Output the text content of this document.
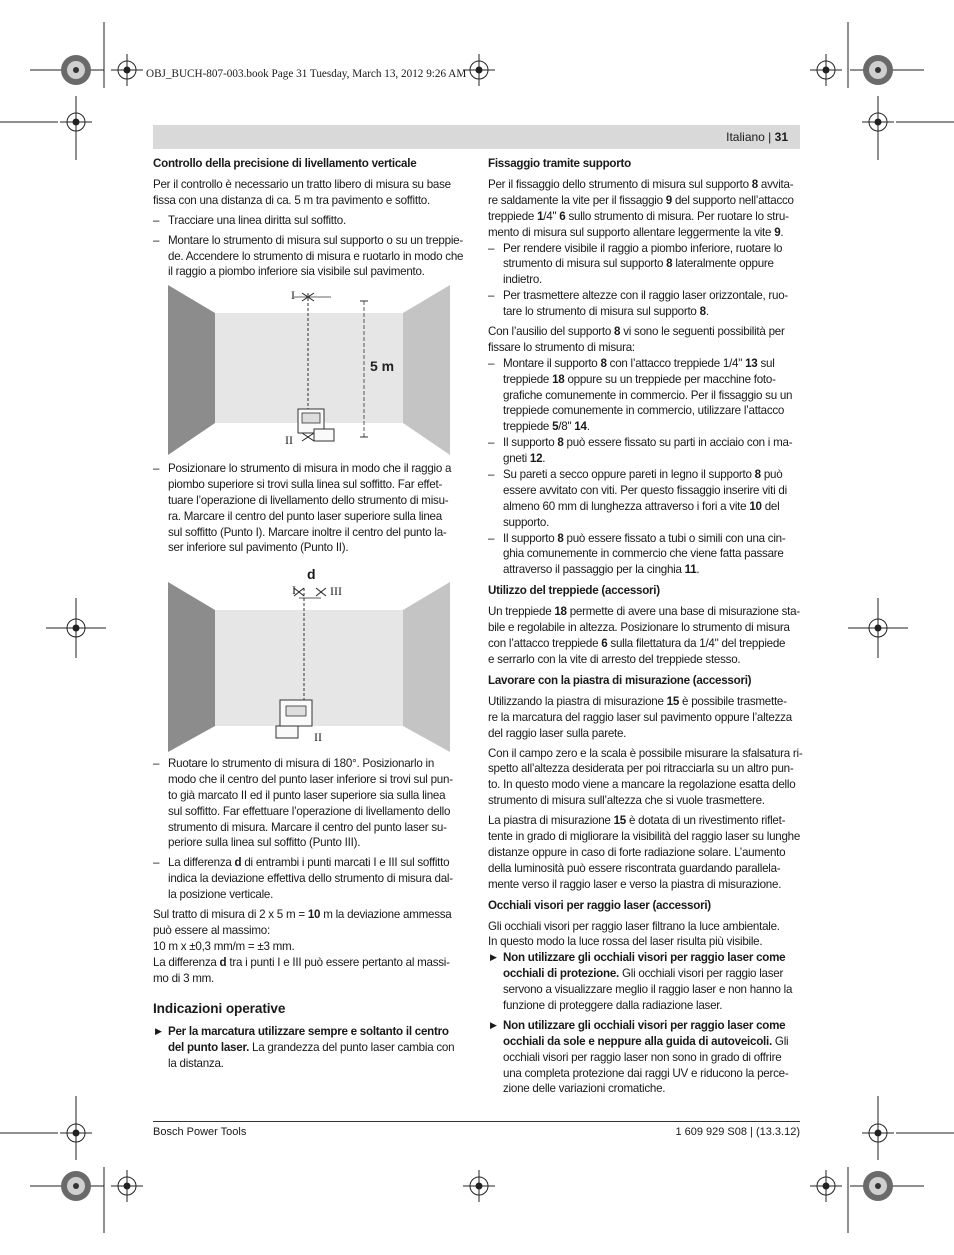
OBJ_BUCH-807-003.book Page 31 Tuesday, March 13, 2012 9:26 AM
Italiano | 31
Controllo della precisione di livellamento verticale
Per il controllo è necessario un tratto libero di misura su base
fissa con una distanza di ca. 5 m tra pavimento e soffitto.
– Tracciare una linea diritta sul soffitto.
– Montare lo strumento di misura sul supporto o su un treppie-
de. Accendere lo strumento di misura e ruotarlo in modo che
il raggio a piombo inferiore sia visibile sul pavimento.
I
II
5 m
– Posizionare lo strumento di misura in modo che il raggio a
piombo superiore si trovi sulla linea sul soffitto. Far effet-
tuare l’operazione di livellamento dello strumento di misu-
ra. Marcare il centro del punto laser superiore sulla linea
sul soffitto (Punto I). Marcare inoltre il centro del punto la-
ser inferiore sul pavimento (Punto II).
I	III
II
d
– Ruotare lo strumento di misura di 180°. Posizionarlo in
modo che il centro del punto laser inferiore si trovi sul pun-
to già marcato II ed il punto laser superiore sia sulla linea
sul soffitto. Far effettuare l’operazione di livellamento dello
strumento di misura. Marcare il centro del punto laser su-
periore sulla linea sul soffitto (Punto III).
– La differenza d di entrambi i punti marcati I e III sul soffitto
indica la deviazione effettiva dello strumento di misura dal-
la posizione verticale.
Sul tratto di misura di 2 x 5 m = 10 m la deviazione ammessa
può essere al massimo:
10 m x ±0,3 mm/m = ±3 mm.
La differenza d tra i punti I e III può essere pertanto al massi-
mo di 3 mm.
Indicazioni operative
▶ Per la marcatura utilizzare sempre e soltanto il centro
del punto laser. La grandezza del punto laser cambia con
la distanza.
Fissaggio tramite supporto
Per il fissaggio dello strumento di misura sul supporto 8 avvita-
re saldamente la vite per il fissaggio 9 del supporto nell’attacco
treppiede 1/4" 6 sullo strumento di misura. Per ruotare lo stru-
mento di misura sul supporto allentare leggermente la vite 9.
– Per rendere visibile il raggio a piombo inferiore, ruotare lo
strumento di misura sul supporto 8 lateralmente oppure
indietro.
– Per trasmettere altezze con il raggio laser orizzontale, ruo-
tare lo strumento di misura sul supporto 8.
Con l’ausilio del supporto 8 vi sono le seguenti possibilità per
fissare lo strumento di misura:
– Montare il supporto 8 con l’attacco treppiede 1/4" 13 sul
treppiede 18 oppure su un treppiede per macchine foto-
grafiche comunemente in commercio. Per il fissaggio su un
treppiede comunemente in commercio, utilizzare l’attacco
treppiede 5/8" 14.
– Il supporto 8 può essere fissato su parti in acciaio con i ma-
gneti 12.
– Su pareti a secco oppure pareti in legno il supporto 8 può
essere avvitato con viti. Per questo fissaggio inserire viti di
almeno 60 mm di lunghezza attraverso i fori a vite 10 del
supporto.
– Il supporto 8 può essere fissato a tubi o simili con una cin-
ghia comunemente in commercio che viene fatta passare
attraverso il passaggio per la cinghia 11.
Utilizzo del treppiede (accessori)
Un treppiede 18 permette di avere una base di misurazione sta-
bile e regolabile in altezza. Posizionare lo strumento di misura
con l’attacco treppiede 6 sulla filettatura da 1/4" del treppiede
e serrarlo con la vite di arresto del treppiede stesso.
Lavorare con la piastra di misurazione (accessori)
Utilizzando la piastra di misurazione 15 è possibile trasmette-
re la marcatura del raggio laser sul pavimento oppure l’altezza
del raggio laser sulla parete.
Con il campo zero e la scala è possibile misurare la sfalsatura ri-
spetto all’altezza desiderata per poi ritracciarla su un altro pun-
to. In questo modo viene a mancare la regolazione esatta dello
strumento di misura sull’altezza che si vuole trasmettere.
La piastra di misurazione 15 è dotata di un rivestimento riflet-
tente in grado di migliorare la visibilità del raggio laser su lunghe
distanze oppure in caso di forte radiazione solare. L’aumento
della luminosità può essere riscontrata guardando parallela-
mente verso il raggio laser e verso la piastra di misurazione.
Occhiali visori per raggio laser (accessori)
Gli occhiali visori per raggio laser filtrano la luce ambientale.
In questo modo la luce rossa del laser risulta più visibile.
▶ Non utilizzare gli occhiali visori per raggio laser come
occhiali di protezione. Gli occhiali visori per raggio laser
servono a visualizzare meglio il raggio laser e non hanno la
funzione di proteggere dalla radiazione laser.
▶ Non utilizzare gli occhiali visori per raggio laser come
occhiali da sole e neppure alla guida di autoveicoli. Gli
occhiali visori per raggio laser non sono in grado di offrire
una completa protezione dai raggi UV e riducono la perce-
zione delle variazioni cromatiche.
Bosch Power Tools	1 609 929 S08 | (13.3.12)
